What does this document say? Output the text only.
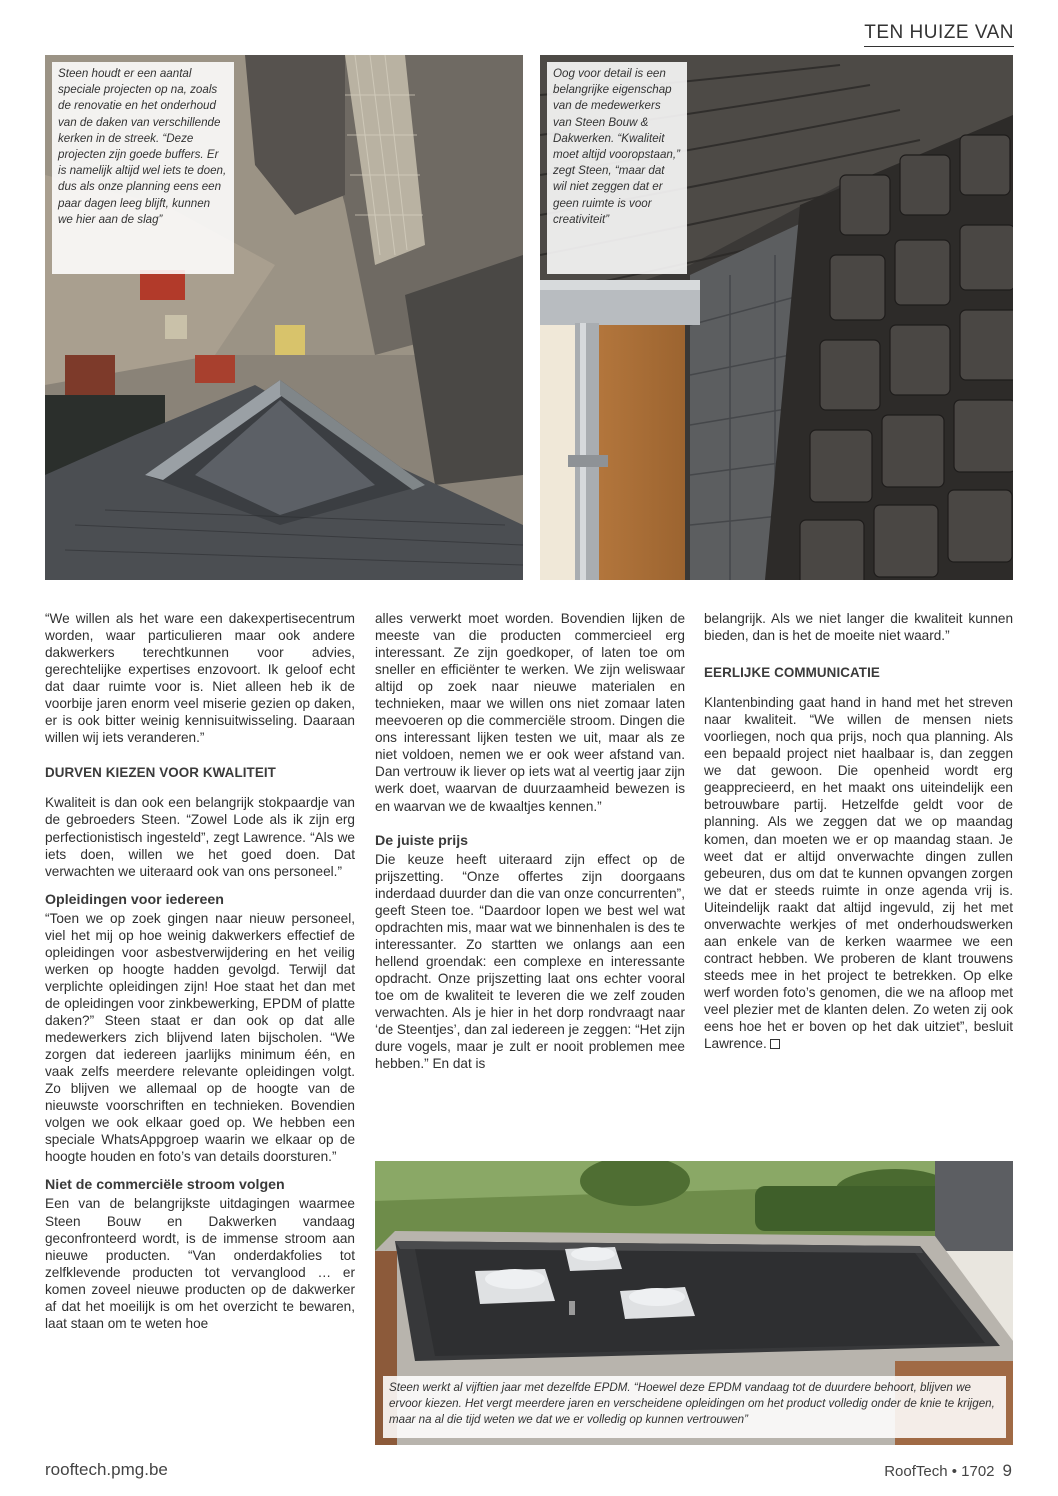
TEN HUIZE VAN

Steen houdt er een aantal speciale projecten op na, zoals de renovatie en het onderhoud van de daken van verschillende kerken in de streek. “Deze projecten zijn goede buffers. Er is namelijk altijd wel iets te doen, dus als onze planning eens een paar dagen leeg blijft, kunnen we hier aan de slag”

Oog voor detail is een belangrijke eigenschap van de medewerkers van Steen Bouw & Dakwerken. “Kwaliteit moet altijd vooropstaan,” zegt Steen, “maar dat wil niet zeggen dat er geen ruimte is voor creativiteit”

“We willen als het ware een dakexpertisecentrum worden, waar particulieren maar ook andere dakwerkers terechtkunnen voor advies, gerechtelijke expertises enzovoort. Ik geloof echt dat daar ruimte voor is. Niet alleen heb ik de voorbije jaren enorm veel miserie gezien op daken, er is ook bitter weinig kennisuitwisseling. Daaraan willen wij iets veranderen.”

DURVEN KIEZEN VOOR KWALITEIT

Kwaliteit is dan ook een belangrijk stokpaardje van de gebroeders Steen. “Zowel Lode als ik zijn erg perfectionistisch ingesteld”, zegt Lawrence. “Als we iets doen, willen we het goed doen. Dat verwachten we uiteraard ook van ons personeel.”

Opleidingen voor iedereen

“Toen we op zoek gingen naar nieuw personeel, viel het mij op hoe weinig dakwerkers effectief de opleidingen voor asbestverwijdering en het veilig werken op hoogte hadden gevolgd. Terwijl dat verplichte opleidingen zijn! Hoe staat het dan met de opleidingen voor zinkbewerking, EPDM of platte daken?” Steen staat er dan ook op dat alle medewerkers zich blijvend laten bijscholen. “We zorgen dat iedereen jaarlijks minimum één, en vaak zelfs meerdere relevante opleidingen volgt. Zo blijven we allemaal op de hoogte van de nieuwste voorschriften en technieken. Bovendien volgen we ook elkaar goed op. We hebben een speciale WhatsAppgroep waarin we elkaar op de hoogte houden en foto’s van details doorsturen.”

Niet de commerciële stroom volgen

Een van de belangrijkste uitdagingen waarmee Steen Bouw en Dakwerken vandaag geconfronteerd wordt, is de immense stroom aan nieuwe producten. “Van onderdakfolies tot zelfklevende producten tot vervanglood … er komen zoveel nieuwe producten op de dakwerker af dat het moeilijk is om het overzicht te bewaren, laat staan om te weten hoe

alles verwerkt moet worden. Bovendien lijken de meeste van die producten commercieel erg interessant. Ze zijn goedkoper, of laten toe om sneller en efficiënter te werken. We zijn weliswaar altijd op zoek naar nieuwe materialen en technieken, maar we willen ons niet zomaar laten meevoeren op die commerciële stroom. Dingen die ons interessant lijken testen we uit, maar als ze niet voldoen, nemen we er ook weer afstand van. Dan vertrouw ik liever op iets wat al veertig jaar zijn werk doet, waarvan de duurzaamheid bewezen is en waarvan we de kwaaltjes kennen.”

De juiste prijs

Die keuze heeft uiteraard zijn effect op de prijszetting. “Onze offertes zijn doorgaans inderdaad duurder dan die van onze concurrenten”, geeft Steen toe. “Daardoor lopen we best wel wat opdrachten mis, maar wat we binnenhalen is des te interessanter. Zo startten we onlangs aan een hellend groendak: een complexe en interessante opdracht. Onze prijszetting laat ons echter vooral toe om de kwaliteit te leveren die we zelf zouden verwachten. Als je hier in het dorp rondvraagt naar ‘de Steentjes’, dan zal iedereen je zeggen: “Het zijn dure vogels, maar je zult er nooit problemen mee hebben.” En dat is

belangrijk. Als we niet langer die kwaliteit kunnen bieden, dan is het de moeite niet waard.”

EERLIJKE COMMUNICATIE

Klantenbinding gaat hand in hand met het streven naar kwaliteit. “We willen de mensen niets voorliegen, noch qua prijs, noch qua planning. Als een bepaald project niet haalbaar is, dan zeggen we dat gewoon. Die openheid wordt erg geapprecieerd, en het maakt ons uiteindelijk een betrouwbare partij. Hetzelfde geldt voor de planning. Als we zeggen dat we op maandag komen, dan moeten we er op maandag staan. Je weet dat er altijd onverwachte dingen zullen gebeuren, dus om dat te kunnen opvangen zorgen we dat er steeds ruimte in onze agenda vrij is. Uiteindelijk raakt dat altijd ingevuld, zij het met onverwachte werkjes of met onderhoudswerken aan enkele van de kerken waarmee we een contract hebben. We proberen de klant trouwens steeds mee in het project te betrekken. Op elke werf worden foto’s genomen, die we na afloop met veel plezier met de klanten delen. Zo weten zij ook eens hoe het er boven op het dak uitziet”, besluit Lawrence.

Steen werkt al vijftien jaar met dezelfde EPDM. “Hoewel deze EPDM vandaag tot de duurdere behoort, blijven we ervoor kiezen. Het vergt meerdere jaren en verscheidene opleidingen om het product volledig onder de knie te krijgen, maar na al die tijd weten we dat we er volledig op kunnen vertrouwen”

rooftech.pmg.be	RoofTech • 1702 9
